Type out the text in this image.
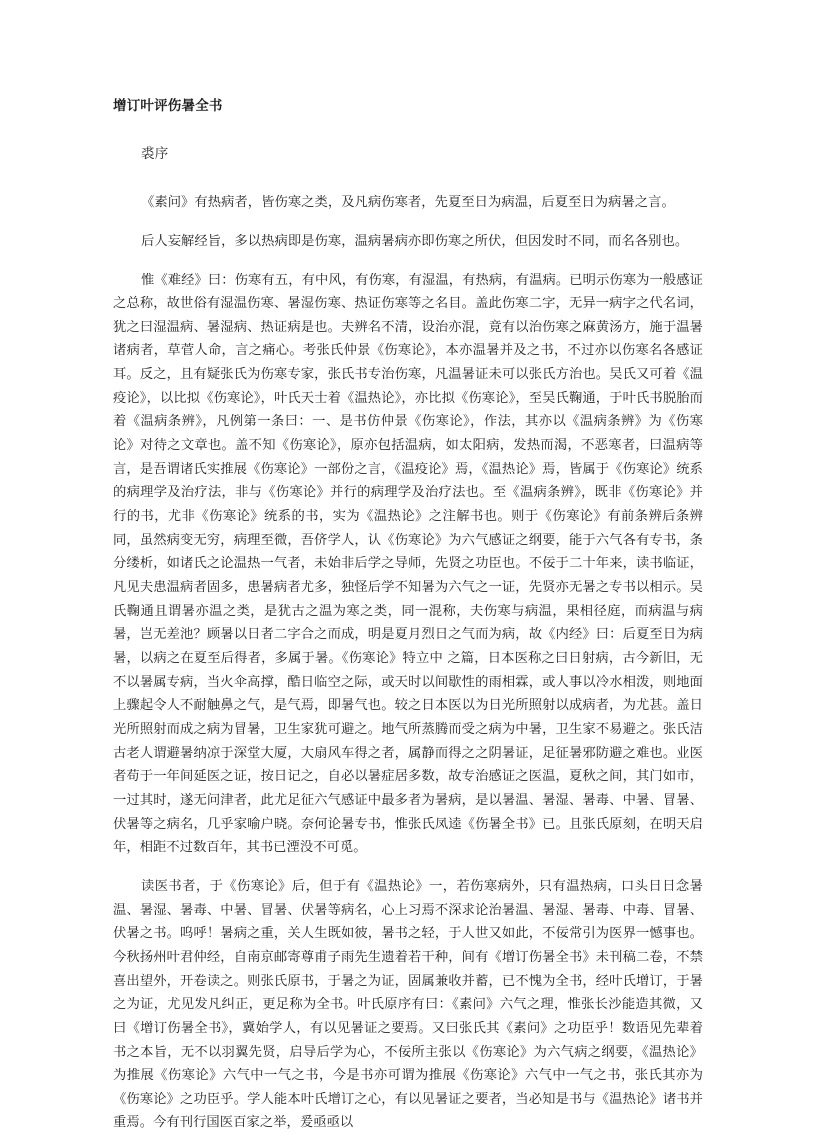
增订叶评伤暑全书
裘序

《素问》有热病者，皆伤寒之类，及凡病伤寒者，先夏至日为病温，后夏至日为病暑之言。

后人妄解经旨，多以热病即是伤寒，温病暑病亦即伤寒之所伏，但因发时不同，而名各别也。

惟《难经》曰：伤寒有五，有中风，有伤寒，有湿温，有热病，有温病。已明示伤寒为一般感证之总称，故世俗有湿温伤寒、暑湿伤寒、热证伤寒等之名目。盖此伤寒二字，无异一病字之代名词，犹之曰湿温病、暑湿病、热证病是也。夫辨名不清，设治亦混，竟有以治伤寒之麻黄汤方，施于温暑诸病者，草菅人命，言之痛心。考张氏仲景《伤寒论》，本亦温暑并及之书，不过亦以伤寒名各感证耳。反之，且有疑张氏为伤寒专家，张氏书专治伤寒，凡温暑证未可以张氏方治也。吴氏又可着《温疫论》，以比拟《伤寒论》，叶氏天士着《温热论》，亦比拟《伤寒论》，至吴氏鞠通，于叶氏书脱胎而着《温病条辨》，凡例第一条曰：一、是书仿仲景《伤寒论》，作法，其亦以《温病条辨》为《伤寒论》对待之文章也。盖不知《伤寒论》，原亦包括温病，如太阳病，发热而渴，不恶寒者，曰温病等言，是吾谓诸氏实推展《伤寒论》一部份之言，《温疫论》焉，《温热论》焉，皆属于《伤寒论》统系的病理学及治疗法，非与《伤寒论》并行的病理学及治疗法也。至《温病条辨》，既非《伤寒论》并行的书，尤非《伤寒论》统系的书，实为《温热论》之注解书也。则于《伤寒论》有前条辨后条辨同，虽然病变无穷，病理至微，吾侪学人，认《伤寒论》为六气感证之纲要，能于六气各有专书，条分缕析，如诸氏之论温热一气者，未始非后学之导师，先贤之功臣也。不佞于二十年来，读书临证，凡见夫患温病者固多，患暑病者尤多，独怪后学不知暑为六气之一证，先贤亦无暑之专书以相示。吴氏鞠通且谓暑亦温之类，是犹古之温为寒之类，同一混称，夫伤寒与病温，果相径庭，而病温与病暑，岂无差池？顾暑以日者二字合之而成，明是夏月烈日之气而为病，故《内经》曰：后夏至日为病暑，以病之在夏至后得者，多属于暑。《伤寒论》特立中 之篇，日本医称之曰日射病，古今新旧，无不以暑属专病，当火伞高撑，酷日临空之际，或天时以间歇性的雨相霖，或人事以冷水相泼，则地面上骤起令人不耐触鼻之气，是气焉，即暑气也。较之日本医以为日光所照射以成病者，为尤甚。盖日光所照射而成之病为冒暑，卫生家犹可避之。地气所蒸腾而受之病为中暑，卫生家不易避之。张氏洁古老人谓避暑纳凉于深堂大厦，大扇风车得之者，属静而得之之阴暑证，足征暑邪防避之难也。业医者苟于一年间延医之证，按日记之，自必以暑症居多数，故专治感证之医温，夏秋之间，其门如市，一过其时，遂无问津者，此尤足征六气感证中最多者为暑病，是以暑温、暑湿、暑毒、中暑、冒暑、伏暑等之病名，几乎家喻户晓。奈何论暑专书，惟张氏凤逵《伤暑全书》已。且张氏原刻，在明天启年，相距不过数百年，其书已湮没不可觅。

读医书者，于《伤寒论》后，但于有《温热论》一，若伤寒病外，只有温热病，口头日日念暑温、暑湿、暑毒、中暑、冒暑、伏暑等病名，心上习焉不深求论治暑温、暑湿、暑毒、中毒、冒暑、伏暑之书。呜呼！暑病之重，关人生既如彼，暑书之轻，于人世又如此，不佞常引为医界一憾事也。今秋扬州叶君仲经，自南京邮寄尊甫子雨先生遗着若干种，间有《增订伤暑全书》未刊稿二卷，不禁喜出望外，开卷读之。则张氏原书，于暑之为证，固属兼收并蓄，已不愧为全书，经叶氏增订，于暑之为证，尤见发凡纠正，更足称为全书。叶氏原序有曰：《素问》六气之理，惟张长沙能造其微，又曰《增订伤暑全书》，冀始学人，有以见暑证之要焉。又曰张氏其《素问》之功臣乎！数语见先辈着书之本旨，无不以羽翼先贤，启导后学为心，不佞所主张以《伤寒论》为六气病之纲要，《温热论》为推展《伤寒论》六气中一气之书，今是书亦可谓为推展《伤寒论》六气中一气之书，张氏其亦为《伤寒论》之功臣乎。学人能本叶氏增订之心，有以见暑证之要者，当必知是书与《温热论》诸书并重焉。今有刊行国医百家之举，爰亟亟以
